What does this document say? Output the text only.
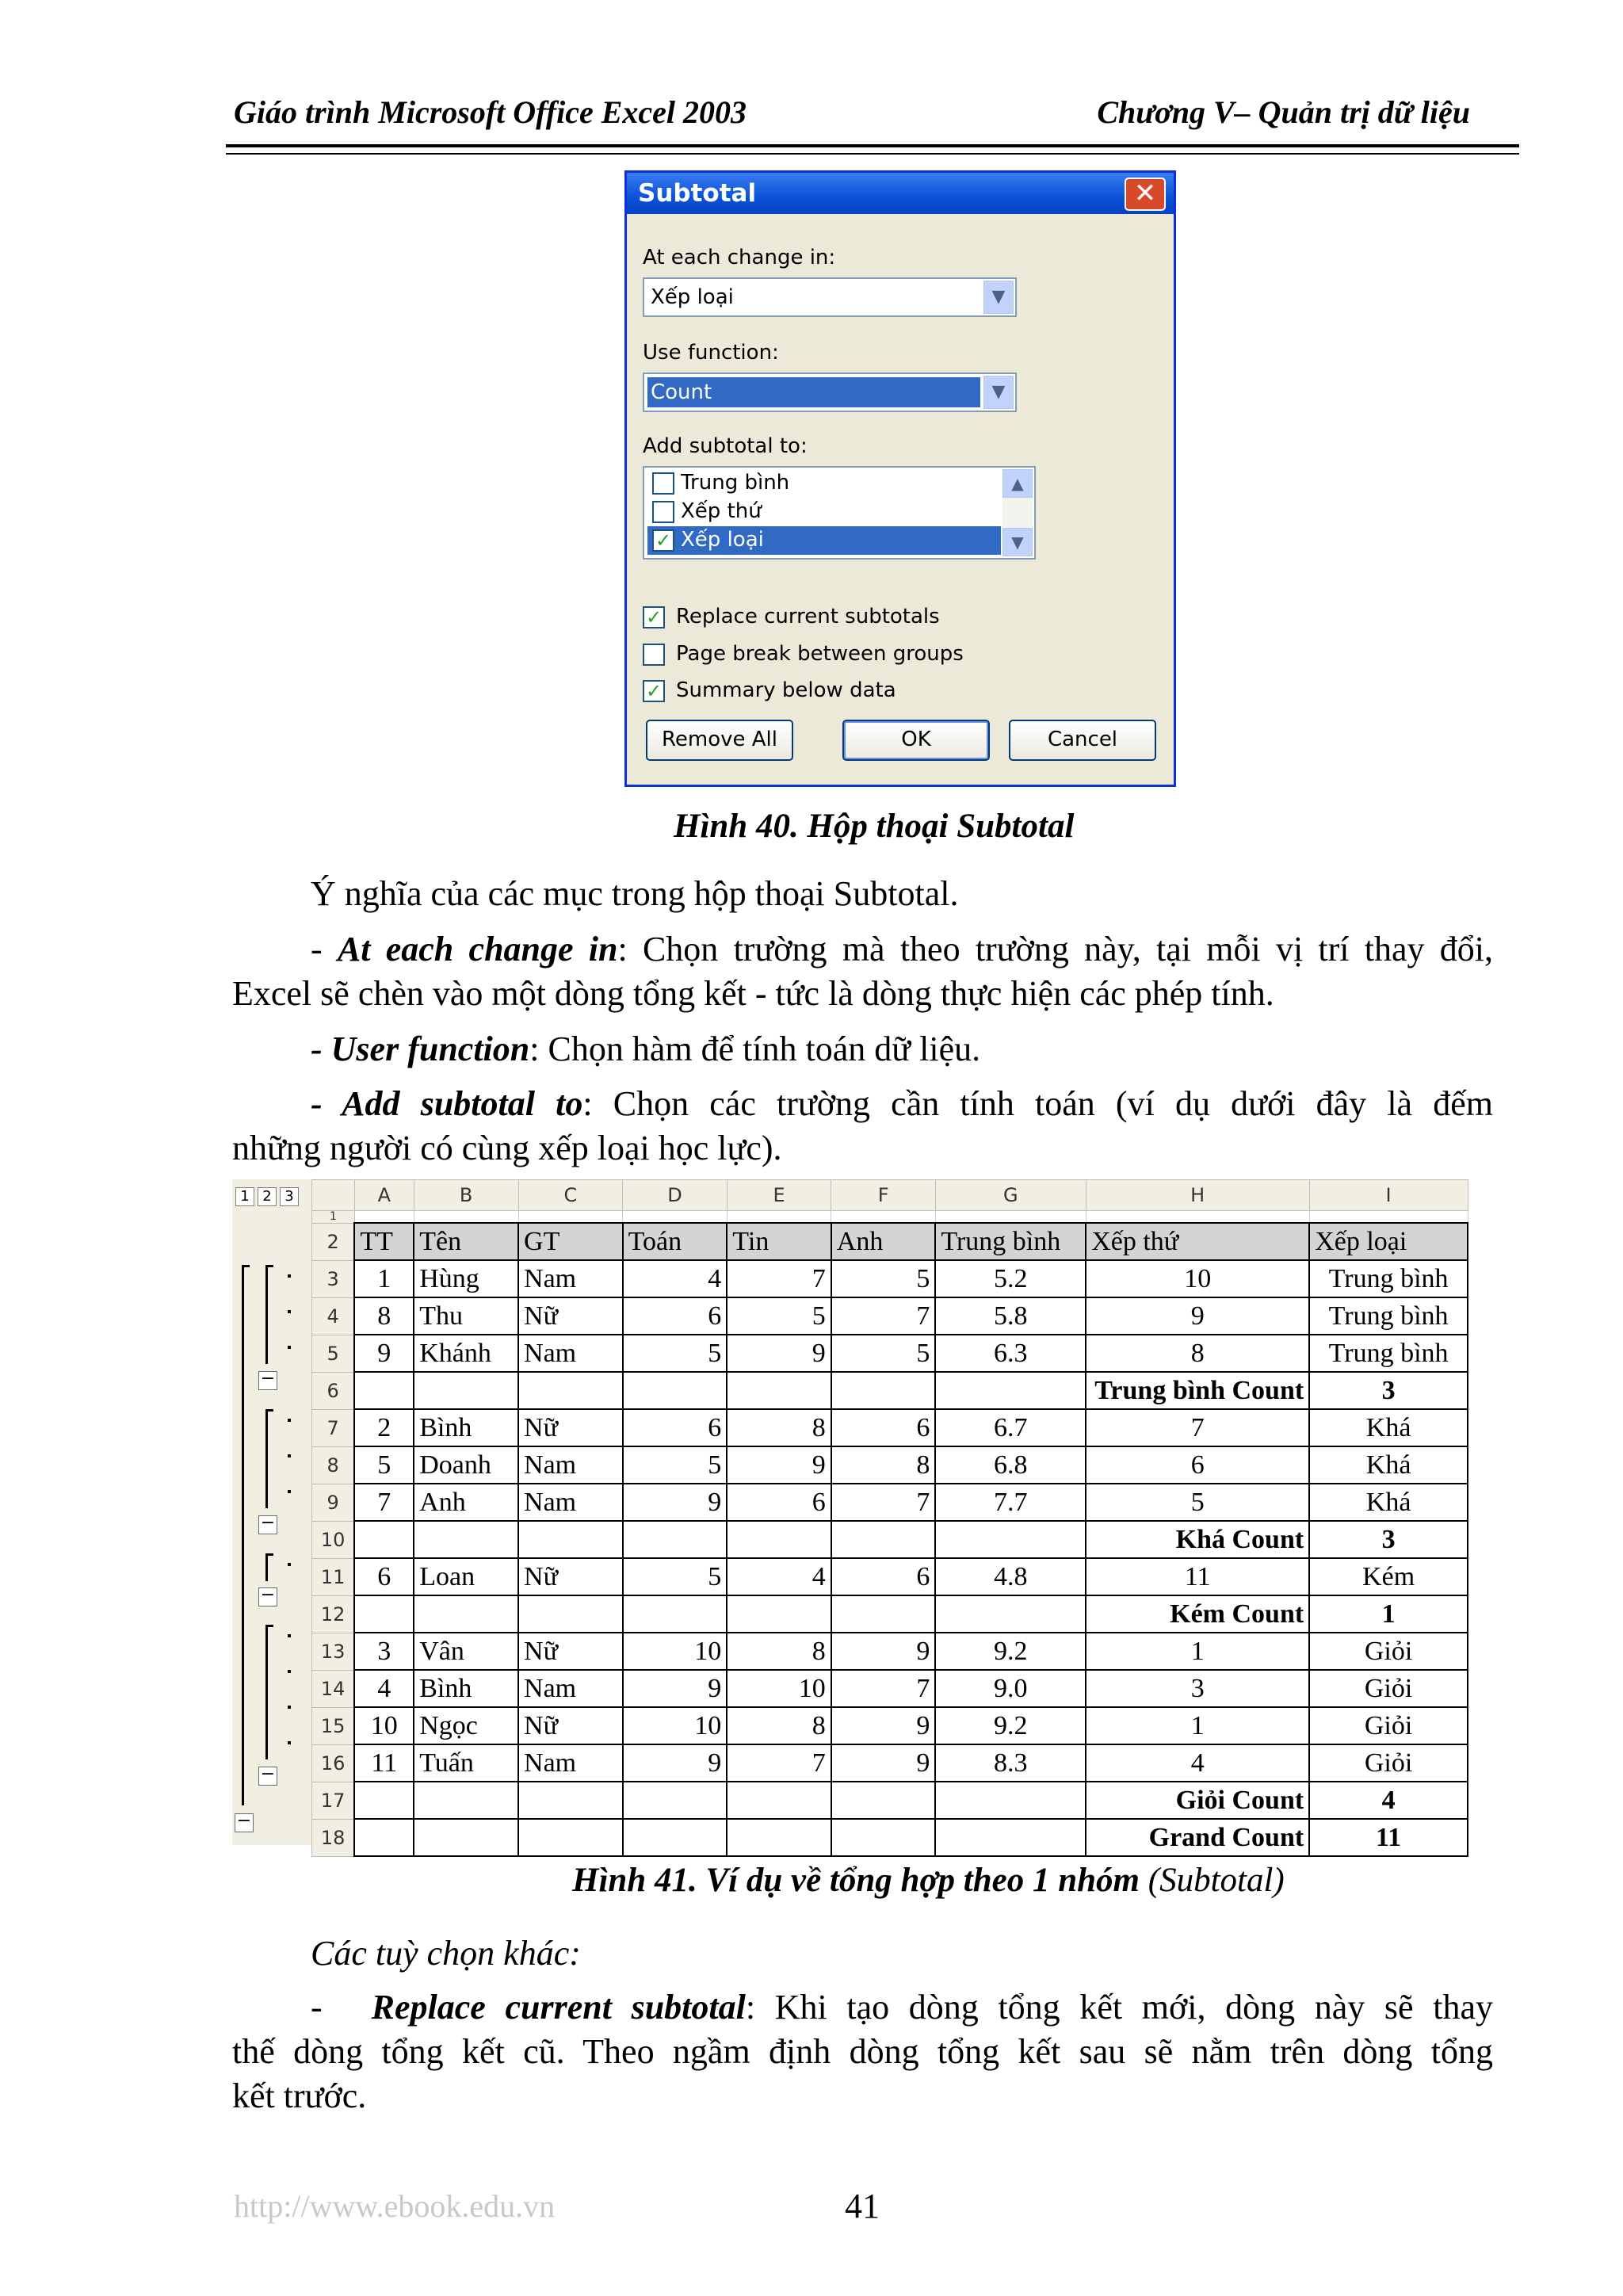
Giáo trình Microsoft Office Excel 2003	Chương V– Quản trị dữ liệu
Subtotal	✕
At each change in:
Xếp loại	▼
Use function:
Count	▼
Add subtotal to:
Trung bình
Xếp thứ
✓ Xếp loại
▲
▼
✓ Replace current subtotals
Page break between groups
✓ Summary below data
Remove All	OK	Cancel
Hình 40. Hộp thoại Subtotal
Ý nghĩa của các mục trong hộp thoại Subtotal.
- At each change in: Chọn trường mà theo trường này, tại mỗi vị trí thay đổi,
Excel sẽ chèn vào một dòng tổng kết - tức là dòng thực hiện các phép tính.
- User function: Chọn hàm để tính toán dữ liệu.
- Add subtotal to: Chọn các trường cần tính toán (ví dụ dưới đây là đếm
những người có cùng xếp loại học lực).
1 2 3
−
−
−
−
−
	A	B	C	D	E	F	G	H	I
1									
2	TT	Tên	GT	Toán	Tin	Anh	Trung bình	Xếp thứ	Xếp loại
3	1	Hùng	Nam	4	7	5	5.2	10	Trung bình
4	8	Thu	Nữ	6	5	7	5.8	9	Trung bình
5	9	Khánh	Nam	5	9	5	6.3	8	Trung bình
6								Trung bình Count	3
7	2	Bình	Nữ	6	8	6	6.7	7	Khá
8	5	Doanh	Nam	5	9	8	6.8	6	Khá
9	7	Anh	Nam	9	6	7	7.7	5	Khá
10								Khá Count	3
11	6	Loan	Nữ	5	4	6	4.8	11	Kém
12								Kém Count	1
13	3	Vân	Nữ	10	8	9	9.2	1	Giỏi
14	4	Bình	Nam	9	10	7	9.0	3	Giỏi
15	10	Ngọc	Nữ	10	8	9	9.2	1	Giỏi
16	11	Tuấn	Nam	9	7	9	8.3	4	Giỏi
17								Giỏi Count	4
18								Grand Count	11
Hình 41. Ví dụ về tổng hợp theo 1 nhóm (Subtotal)
Các tuỳ chọn khác:
- Replace current subtotal: Khi tạo dòng tổng kết mới, dòng này sẽ thay
thế dòng tổng kết cũ. Theo ngầm định dòng tổng kết sau sẽ nằm trên dòng tổng
kết trước.
http://www.ebook.edu.vn	41
